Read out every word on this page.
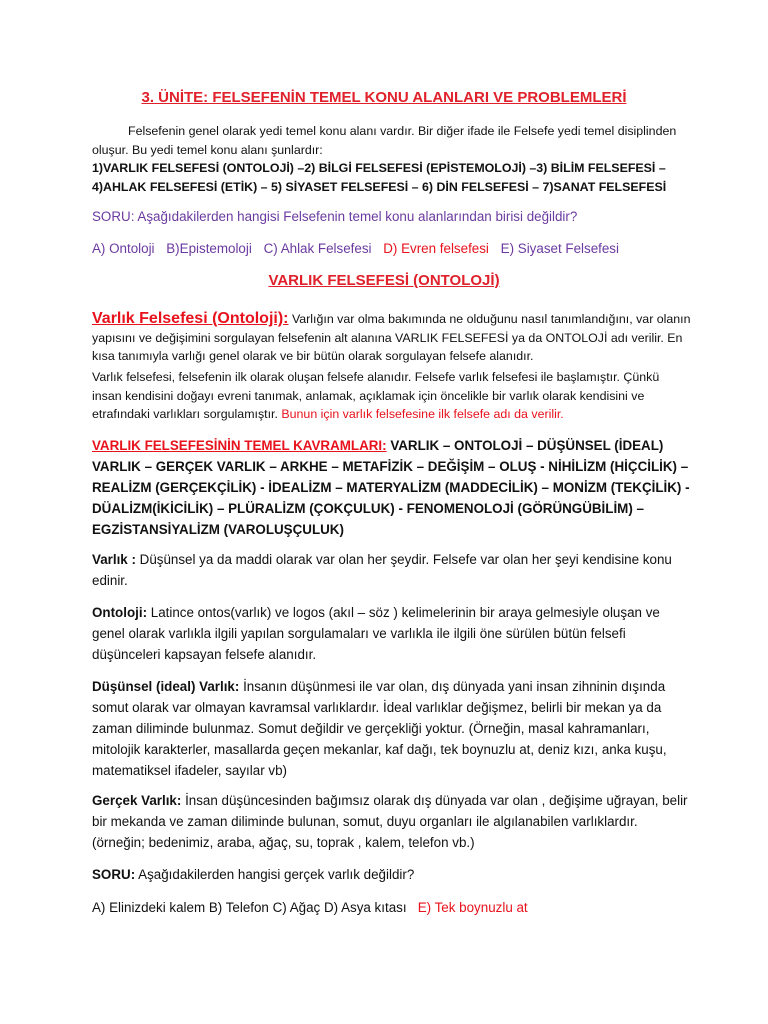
3. ÜNİTE: FELSEFENİN TEMEL KONU ALANLARI VE PROBLEMLERİ

Felsefenin genel olarak yedi temel konu alanı vardır. Bir diğer ifade ile Felsefe yedi temel disiplinden oluşur. Bu yedi temel konu alanı şunlardır:

1)VARLIK FELSEFESİ (ONTOLOJİ) –2) BİLGİ FELSEFESİ (EPİSTEMOLOJİ) –3) BİLİM FELSEFESİ – 4)AHLAK FELSEFESİ (ETİK) – 5) SİYASET FELSEFESİ – 6) DİN FELSEFESİ – 7)SANAT FELSEFESİ

SORU: Aşağıdakilerden hangisi Felsefenin temel konu alanlarından birisi değildir?

A) Ontoloji B)Epistemoloji C) Ahlak Felsefesi D) Evren felsefesi E) Siyaset Felsefesi

VARLIK FELSEFESİ (ONTOLOJİ)

Varlık Felsefesi (Ontoloji): Varlığın var olma bakımında ne olduğunu nasıl tanımlandığını, var olanın yapısını ve değişimini sorgulayan felsefenin alt alanına VARLIK FELSEFESİ ya da ONTOLOJİ adı verilir. En kısa tanımıyla varlığı genel olarak ve bir bütün olarak sorgulayan felsefe alanıdır.

Varlık felsefesi, felsefenin ilk olarak oluşan felsefe alanıdır. Felsefe varlık felsefesi ile başlamıştır. Çünkü insan kendisini doğayı evreni tanımak, anlamak, açıklamak için öncelikle bir varlık olarak kendisini ve etrafındaki varlıkları sorgulamıştır. Bunun için varlık felsefesine ilk felsefe adı da verilir.

VARLIK FELSEFESİNİN TEMEL KAVRAMLARI: VARLIK – ONTOLOJİ – DÜŞÜNSEL (İDEAL) VARLIK – GERÇEK VARLIK – ARKHE – METAFİZİK – DEĞİŞİM – OLUŞ - NİHİLİZM (HİÇCİLİK) – REALİZM (GERÇEKÇİLİK) - İDEALİZM – MATERYALİZM (MADDECİLİK) – MONİZM (TEKÇİLİK) - DÜALİZM(İKİCİLİK) – PLÜRALİZM (ÇOKÇULUK) - FENOMENOLOJİ (GÖRÜNGÜBİLİM) – EGZİSTANSİYALİZM (VAROLUŞÇULUK)

Varlık : Düşünsel ya da maddi olarak var olan her şeydir. Felsefe var olan her şeyi kendisine konu edinir.

Ontoloji: Latince ontos(varlık) ve logos (akıl – söz ) kelimelerinin bir araya gelmesiyle oluşan ve genel olarak varlıkla ilgili yapılan sorgulamaları ve varlıkla ile ilgili öne sürülen bütün felsefi düşünceleri kapsayan felsefe alanıdır.

Düşünsel (ideal) Varlık: İnsanın düşünmesi ile var olan, dış dünyada yani insan zihninin dışında somut olarak var olmayan kavramsal varlıklardır. İdeal varlıklar değişmez, belirli bir mekan ya da zaman diliminde bulunmaz. Somut değildir ve gerçekliği yoktur. (Örneğin, masal kahramanları, mitolojik karakterler, masallarda geçen mekanlar, kaf dağı, tek boynuzlu at, deniz kızı, anka kuşu, matematiksel ifadeler, sayılar vb)

Gerçek Varlık: İnsan düşüncesinden bağımsız olarak dış dünyada var olan , değişime uğrayan, belir bir mekanda ve zaman diliminde bulunan, somut, duyu organları ile algılanabilen varlıklardır. (örneğin; bedenimiz, araba, ağaç, su, toprak , kalem, telefon vb.)

SORU: Aşağıdakilerden hangisi gerçek varlık değildir?

A) Elinizdeki kalem B) Telefon C) Ağaç D) Asya kıtası E) Tek boynuzlu at
